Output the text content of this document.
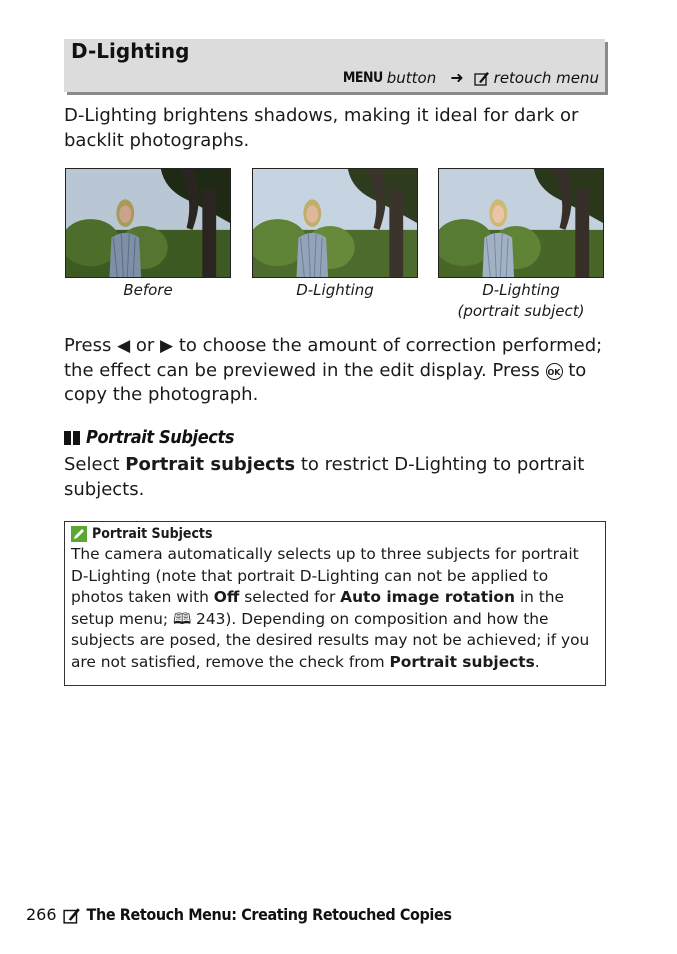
D-Lighting
MENU button ➜ retouch menu
D-Lighting brightens shadows, making it ideal for dark or backlit photographs.
Before	D-Lighting	D-Lighting
(portrait subject)
Press ◀ or ▶ to choose the amount of correction performed; the effect can be previewed in the edit display. Press OK to copy the photograph.
Portrait Subjects
Select Portrait subjects to restrict D-Lighting to portrait subjects.
Portrait Subjects
The camera automatically selects up to three subjects for portrait D-Lighting (note that portrait D-Lighting can not be applied to photos taken with Off selected for Auto image rotation in the setup menu; 🕮 243). Depending on composition and how the subjects are posed, the desired results may not be achieved; if you are not satisfied, remove the check from Portrait subjects.
266 The Retouch Menu: Creating Retouched Copies
